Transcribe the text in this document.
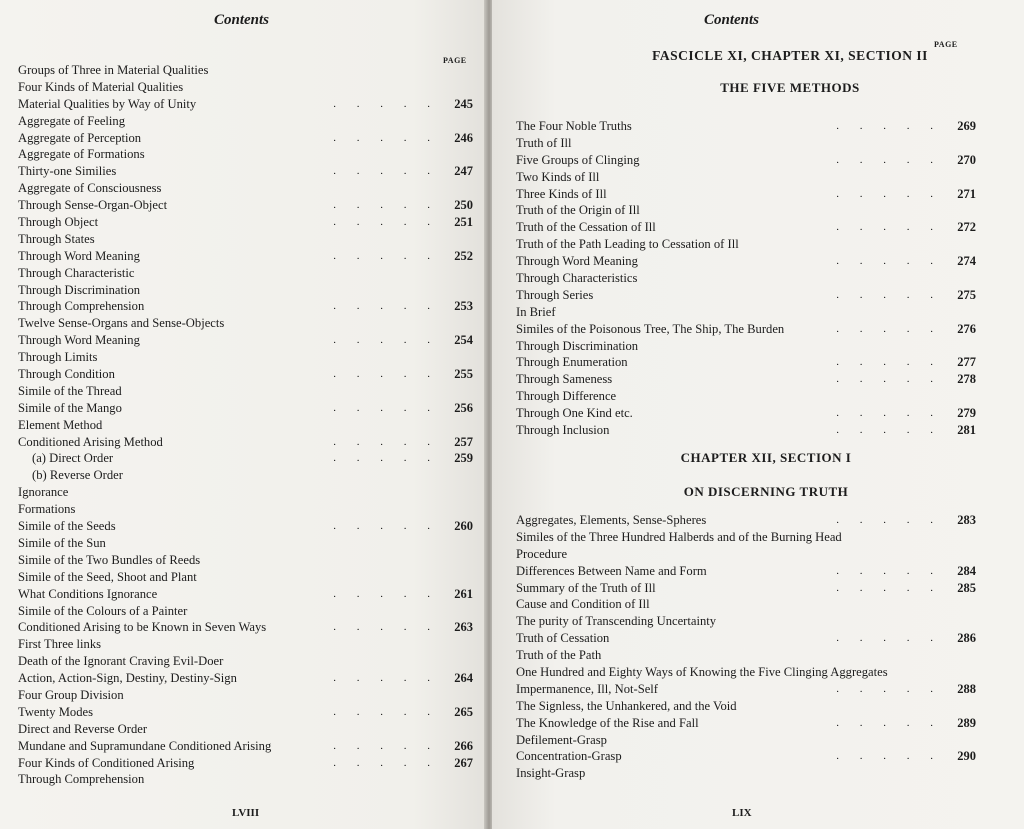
Contents
PAGE
Groups of Three in Material Qualities
Four Kinds of Material Qualities
Material Qualities by Way of Unity	. . . . . 245
Aggregate of Feeling
Aggregate of Perception	. . . . . 246
Aggregate of Formations
Thirty-one Similies	. . . . . 247
Aggregate of Consciousness
Through Sense-Organ-Object	. . . . . 250
Through Object	. . . . . 251
Through States
Through Word Meaning	. . . . . 252
Through Characteristic
Through Discrimination
Through Comprehension	. . . . . 253
Twelve Sense-Organs and Sense-Objects
Through Word Meaning	. . . . . 254
Through Limits
Through Condition	. . . . . 255
Simile of the Thread
Simile of the Mango	. . . . . 256
Element Method
Conditioned Arising Method	. . . . . 257
(a) Direct Order	. . . . . 259
(b) Reverse Order
Ignorance
Formations
Simile of the Seeds	. . . . . 260
Simile of the Sun
Simile of the Two Bundles of Reeds
Simile of the Seed, Shoot and Plant
What Conditions Ignorance	. . . . . 261
Simile of the Colours of a Painter
Conditioned Arising to be Known in Seven Ways	. . . . . 263
First Three links
Death of the Ignorant Craving Evil-Doer
Action, Action-Sign, Destiny, Destiny-Sign	. . . . . 264
Four Group Division
Twenty Modes	. . . . . 265
Direct and Reverse Order
Mundane and Supramundane Conditioned Arising	. . . . . 266
Four Kinds of Conditioned Arising	. . . . . 267
Through Comprehension
LVIII
Contents
PAGE
FASCICLE XI, CHAPTER XI, SECTION II
THE FIVE METHODS
The Four Noble Truths	. . . . . 269
Truth of Ill
Five Groups of Clinging	. . . . . 270
Two Kinds of Ill
Three Kinds of Ill	. . . . . 271
Truth of the Origin of Ill
Truth of the Cessation of Ill	. . . . . 272
Truth of the Path Leading to Cessation of Ill
Through Word Meaning	. . . . . 274
Through Characteristics
Through Series	. . . . . 275
In Brief
Similes of the Poisonous Tree, The Ship, The Burden	. . . . . 276
Through Discrimination
Through Enumeration	. . . . . 277
Through Sameness	. . . . . 278
Through Difference
Through One Kind etc.	. . . . . 279
Through Inclusion	. . . . . 281
CHAPTER XII, SECTION I
ON DISCERNING TRUTH
Aggregates, Elements, Sense-Spheres	. . . . . 283
Similes of the Three Hundred Halberds and of the Burning Head
Procedure
Differences Between Name and Form	. . . . . 284
Summary of the Truth of Ill	. . . . . 285
Cause and Condition of Ill
The purity of Transcending Uncertainty
Truth of Cessation	. . . . . 286
Truth of the Path
One Hundred and Eighty Ways of Knowing the Five Clinging Aggregates
Impermanence, Ill, Not-Self	. . . . . 288
The Signless, the Unhankered, and the Void
The Knowledge of the Rise and Fall	. . . . . 289
Defilement-Grasp
Concentration-Grasp	. . . . . 290
Insight-Grasp
LIX
